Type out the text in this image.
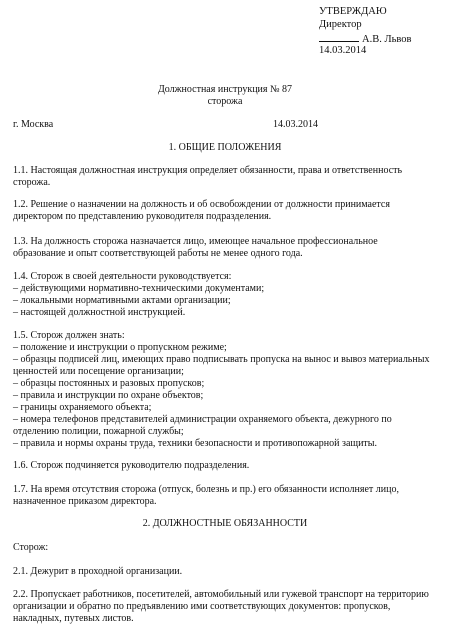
УТВЕРЖДАЮ
Директор
А.В. Львов
14.03.2014
Должностная инструкция № 87
сторожа
г. Москва	14.03.2014
1. ОБЩИЕ ПОЛОЖЕНИЯ
1.1. Настоящая должностная инструкция определяет обязанности, права и ответственность
сторожа.
1.2. Решение о назначении на должность и об освобождении от должности принимается
директором по представлению руководителя подразделения.
1.3. На должность сторожа назначается лицо, имеющее начальное профессиональное
образование и опыт соответствующей работы не менее одного года.
1.4. Сторож в своей деятельности руководствуется:
– действующими нормативно-техническими документами;
– локальными нормативными актами организации;
– настоящей должностной инструкцией.
1.5. Сторож должен знать:
– положение и инструкции о пропускном режиме;
– образцы подписей лиц, имеющих право подписывать пропуска на вынос и вывоз материальных
ценностей или посещение организации;
– образцы постоянных и разовых пропусков;
– правила и инструкции по охране объектов;
– границы охраняемого объекта;
– номера телефонов представителей администрации охраняемого объекта, дежурного по
отделению полиции, пожарной службы;
– правила и нормы охраны труда, техники безопасности и противопожарной защиты.
1.6. Сторож подчиняется руководителю подразделения.
1.7. На время отсутствия сторожа (отпуск, болезнь и пр.) его обязанности исполняет лицо,
назначенное приказом директора.
2. ДОЛЖНОСТНЫЕ ОБЯЗАННОСТИ
Сторож:
2.1. Дежурит в проходной организации.
2.2. Пропускает работников, посетителей, автомобильный или гужевой транспорт на территорию
организации и обратно по предъявлению ими соответствующих документов: пропусков,
накладных, путевых листов.
